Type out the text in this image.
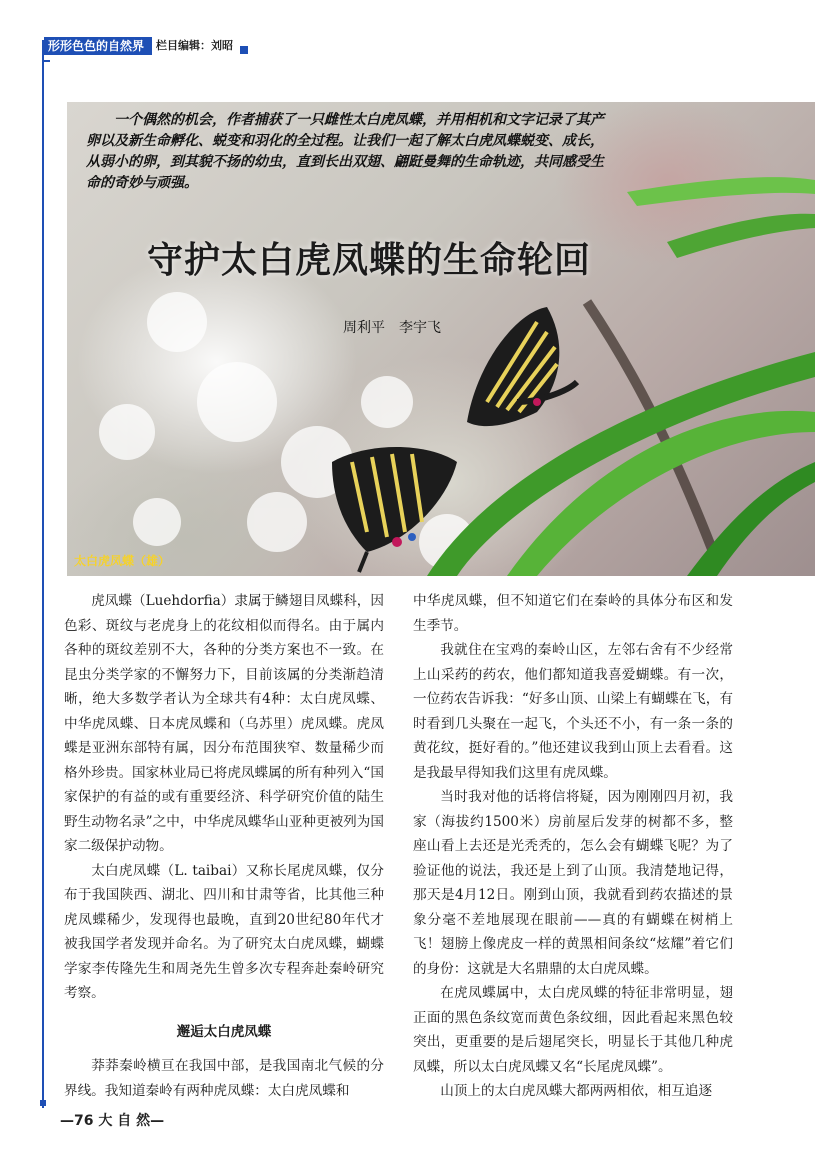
形形色色的自然界	栏目编辑：刘昭

一个偶然的机会，作者捕获了一只雌性太白虎凤蝶，并用相机和文字记录了其产卵以及新生命孵化、蜕变和羽化的全过程。让我们一起了解太白虎凤蝶蜕变、成长，从弱小的卵，到其貌不扬的幼虫，直到长出双翅、翩跹曼舞的生命轨迹，共同感受生命的奇妙与顽强。

守护太白虎凤蝶的生命轮回
周利平　李宇飞
太白虎凤蝶（雄）

虎凤蝶（Luehdorfia）隶属于鳞翅目凤蝶科，因色彩、斑纹与老虎身上的花纹相似而得名。由于属内各种的斑纹差别不大，各种的分类方案也不一致。在昆虫分类学家的不懈努力下，目前该属的分类渐趋清晰，绝大多数学者认为全球共有4种：太白虎凤蝶、中华虎凤蝶、日本虎凤蝶和（乌苏里）虎凤蝶。虎凤蝶是亚洲东部特有属，因分布范围狭窄、数量稀少而格外珍贵。国家林业局已将虎凤蝶属的所有种列入“国家保护的有益的或有重要经济、科学研究价值的陆生野生动物名录”之中，中华虎凤蝶华山亚种更被列为国家二级保护动物。

太白虎凤蝶（L. taibai）又称长尾虎凤蝶，仅分布于我国陕西、湖北、四川和甘肃等省，比其他三种虎凤蝶稀少，发现得也最晚，直到20世纪80年代才被我国学者发现并命名。为了研究太白虎凤蝶，蝴蝶学家李传隆先生和周尧先生曾多次专程奔赴秦岭研究考察。

邂逅太白虎凤蝶

莽莽秦岭横亘在我国中部，是我国南北气候的分界线。我知道秦岭有两种虎凤蝶：太白虎凤蝶和

中华虎凤蝶，但不知道它们在秦岭的具体分布区和发生季节。

我就住在宝鸡的秦岭山区，左邻右舍有不少经常上山采药的药农，他们都知道我喜爱蝴蝶。有一次，一位药农告诉我：“好多山顶、山梁上有蝴蝶在飞，有时看到几头聚在一起飞，个头还不小，有一条一条的黄花纹，挺好看的。”他还建议我到山顶上去看看。这是我最早得知我们这里有虎凤蝶。

当时我对他的话将信将疑，因为刚刚四月初，我家（海拔约1500米）房前屋后发芽的树都不多，整座山看上去还是光秃秃的，怎么会有蝴蝶飞呢？为了验证他的说法，我还是上到了山顶。我清楚地记得，那天是4月12日。刚到山顶，我就看到药农描述的景象分毫不差地展现在眼前——真的有蝴蝶在树梢上飞！翅膀上像虎皮一样的黄黑相间条纹“炫耀”着它们的身份：这就是大名鼎鼎的太白虎凤蝶。

在虎凤蝶属中，太白虎凤蝶的特征非常明显，翅正面的黑色条纹宽而黄色条纹细，因此看起来黑色较突出，更重要的是后翅尾突长，明显长于其他几种虎凤蝶，所以太白虎凤蝶又名“长尾虎凤蝶”。

山顶上的太白虎凤蝶大都两两相依，相互追逐

—76 大 自 然—
